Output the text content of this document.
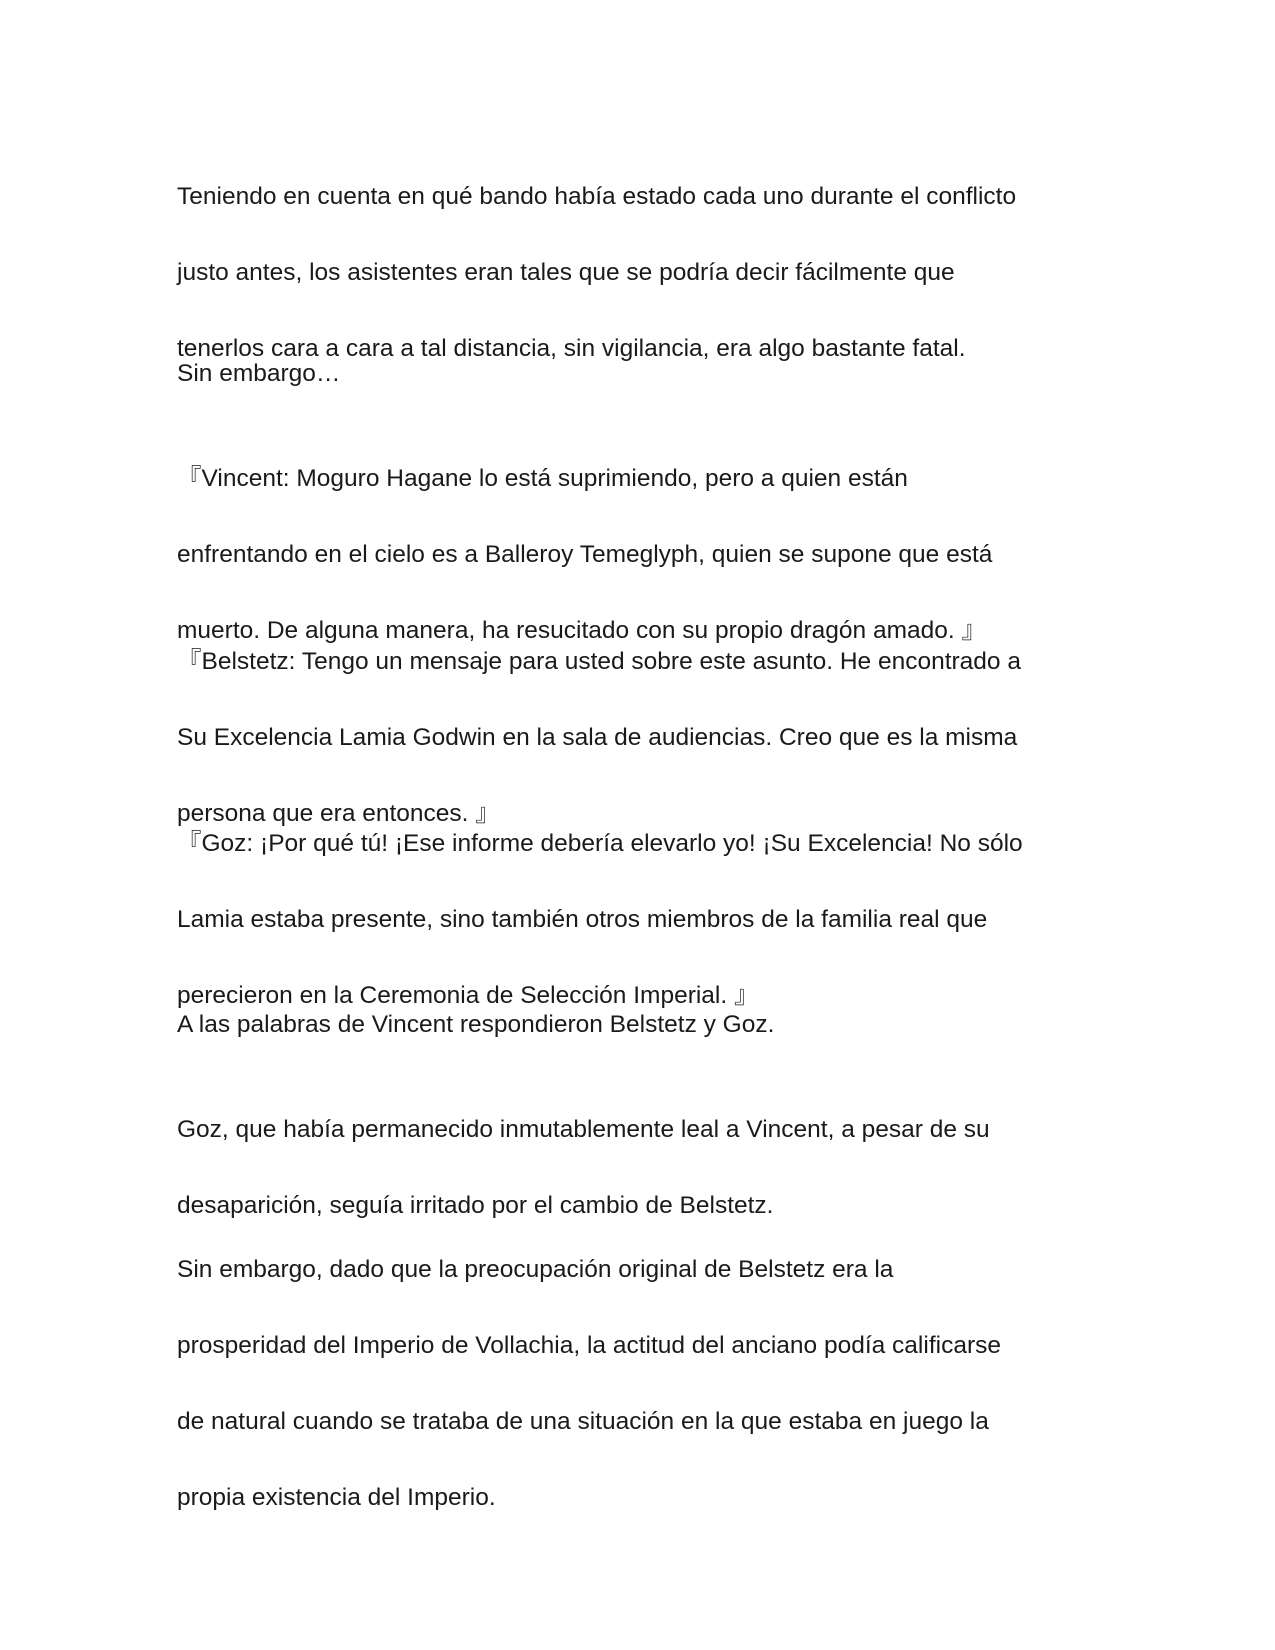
Teniendo en cuenta en qué bando había estado cada uno durante el conflicto

justo antes, los asistentes eran tales que se podría decir fácilmente que

tenerlos cara a cara a tal distancia, sin vigilancia, era algo bastante fatal.

Sin embargo…

『Vincent: Moguro Hagane lo está suprimiendo, pero a quien están

enfrentando en el cielo es a Balleroy Temeglyph, quien se supone que está

muerto. De alguna manera, ha resucitado con su propio dragón amado. 』

『Belstetz: Tengo un mensaje para usted sobre este asunto. He encontrado a

Su Excelencia Lamia Godwin en la sala de audiencias. Creo que es la misma

persona que era entonces. 』

『Goz: ¡Por qué tú! ¡Ese informe debería elevarlo yo! ¡Su Excelencia! No sólo

Lamia estaba presente, sino también otros miembros de la familia real que

perecieron en la Ceremonia de Selección Imperial. 』

A las palabras de Vincent respondieron Belstetz y Goz.

Goz, que había permanecido inmutablemente leal a Vincent, a pesar de su

desaparición, seguía irritado por el cambio de Belstetz.

Sin embargo, dado que la preocupación original de Belstetz era la

prosperidad del Imperio de Vollachia, la actitud del anciano podía calificarse

de natural cuando se trataba de una situación en la que estaba en juego la

propia existencia del Imperio.
